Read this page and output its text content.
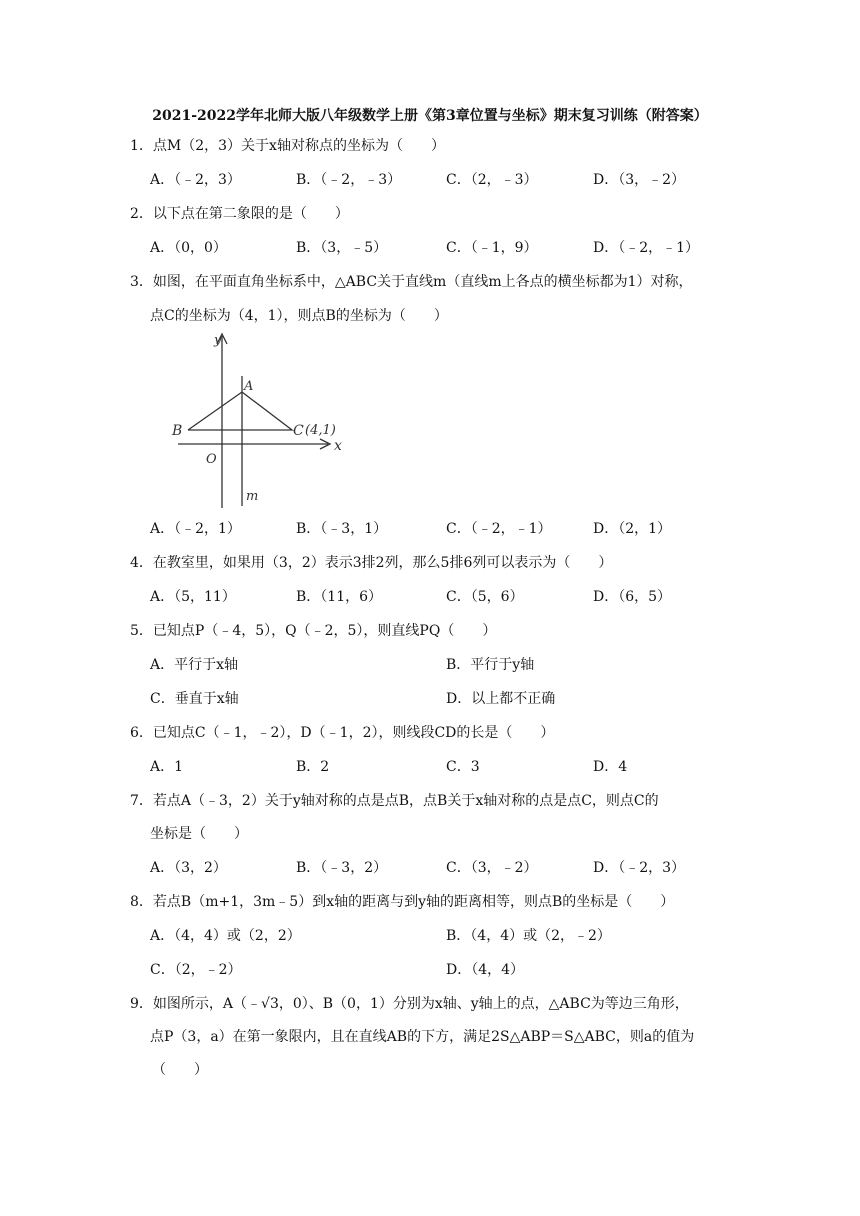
2021-2022学年北师大版八年级数学上册《第3章位置与坐标》期末复习训练（附答案）
1．点M（2，3）关于x轴对称点的坐标为（　　）
A．（﹣2，3）	B．（﹣2，﹣3）	C．（2，﹣3）	D．（3，﹣2）
2．以下点在第二象限的是（　　）
A．（0，0）	B．（3，﹣5）	C．（﹣1，9）	D．（﹣2，﹣1）
3．如图，在平面直角坐标系中，△ABC关于直线m（直线m上各点的横坐标都为1）对称，
点C的坐标为（4，1），则点B的坐标为（　　）
y
x
m
A
B	C (4,1)
O
A．（﹣2，1）	B．（﹣3，1）	C．（﹣2，﹣1）	D．（2，1）
4．在教室里，如果用（3，2）表示3排2列，那么5排6列可以表示为（　　）
A．（5，11）	B．（11，6）	C．（5，6）	D．（6，5）
5．已知点P（﹣4，5），Q（﹣2，5），则直线PQ（　　）
A．平行于x轴	B．平行于y轴
C．垂直于x轴	D．以上都不正确
6．已知点C（﹣1，﹣2），D（﹣1，2），则线段CD的长是（　　）
A．1	B．2	C．3	D．4
7．若点A（﹣3，2）关于y轴对称的点是点B，点B关于x轴对称的点是点C，则点C的
坐标是（　　）
A．（3，2）	B．（﹣3，2）	C．（3，﹣2）	D．（﹣2，3）
8．若点B（m+1，3m﹣5）到x轴的距离与到y轴的距离相等，则点B的坐标是（　　）
A．（4，4）或（2，2）	B．（4，4）或（2，﹣2）
C．（2，﹣2）	D．（4，4）
9．如图所示，A（﹣√3，0）、B（0，1）分别为x轴、y轴上的点，△ABC为等边三角形，
点P（3，a）在第一象限内，且在直线AB的下方，满足2S△ABP＝S△ABC，则a的值为
（　　）
